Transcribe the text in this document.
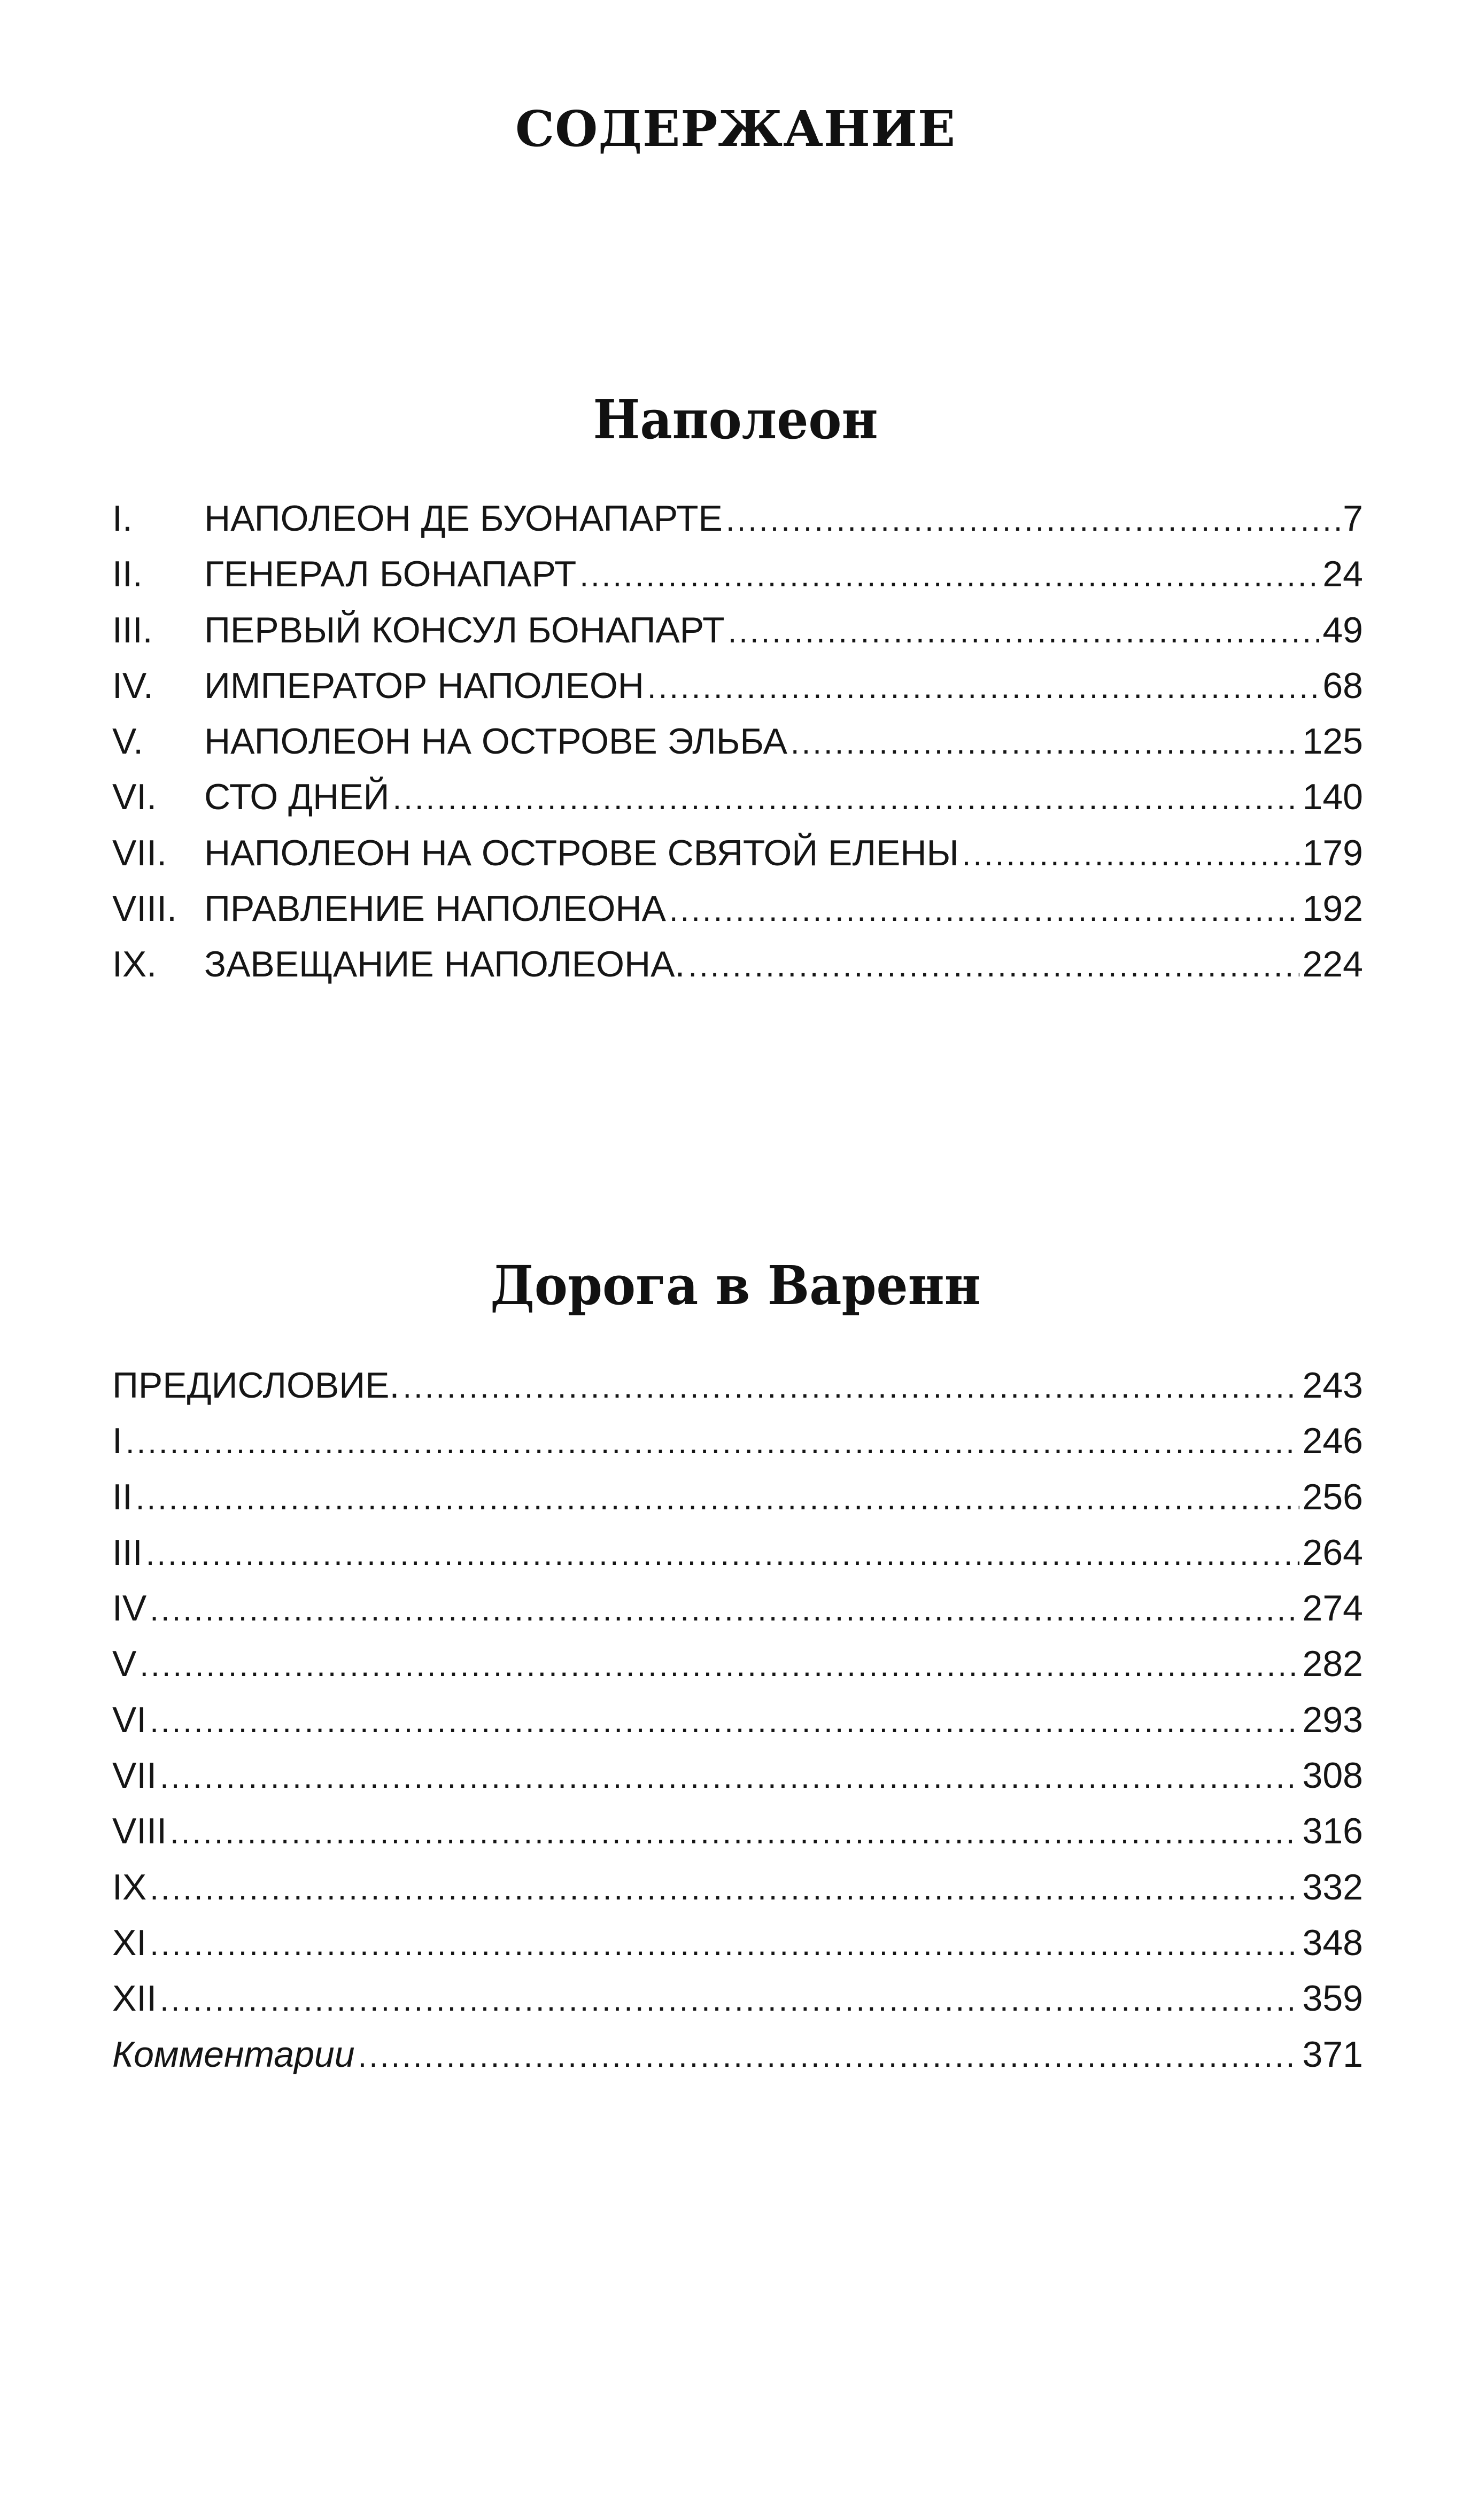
СОДЕРЖАНИЕ
Наполеон
I.	НАПОЛЕОН ДЕ БУОНАПАРТЕ .....	7
II.	ГЕНЕРАЛ БОНАПАРТ .....	24
III.	ПЕРВЫЙ КОНСУЛ БОНАПАРТ .....	49
IV.	ИМПЕРАТОР НАПОЛЕОН .....	68
V.	НАПОЛЕОН НА ОСТРОВЕ ЭЛЬБА .....	125
VI.	СТО ДНЕЙ .....	140
VII.	НАПОЛЕОН НА ОСТРОВЕ СВЯТОЙ ЕЛЕНЫ .....	179
VIII. ПРАВЛЕНИЕ НАПОЛЕОНА .....	192
IX.	ЗАВЕЩАНИЕ НАПОЛЕОНА. .....	224
Дорога в Варенн
ПРЕДИСЛОВИЕ. .....	243
I .....	246
II .....	256
III .....	264
IV .....	274
V .....	282
VI .....	293
VII .....	308
VIII .....	316
IX .....	332
XI .....	348
XII .....	359
Комментарии .....	371
